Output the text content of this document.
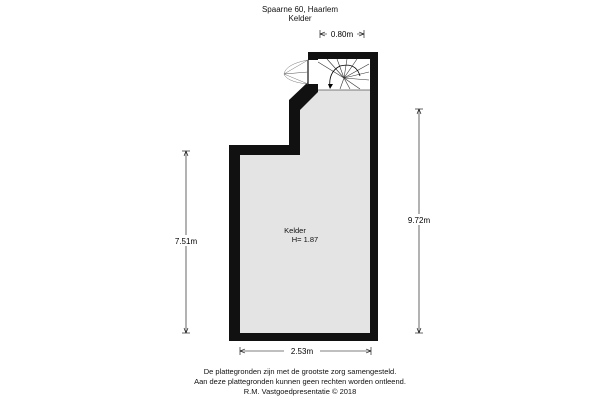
Spaarne 60, Haarlem
Kelder
0.80m
9.72m
7.51m
2.53m
Kelder
H= 1.87
De plattegronden zijn met de grootste zorg samengesteld.
Aan deze plattegronden kunnen geen rechten worden ontleend.
R.M. Vastgoedpresentatie © 2018
